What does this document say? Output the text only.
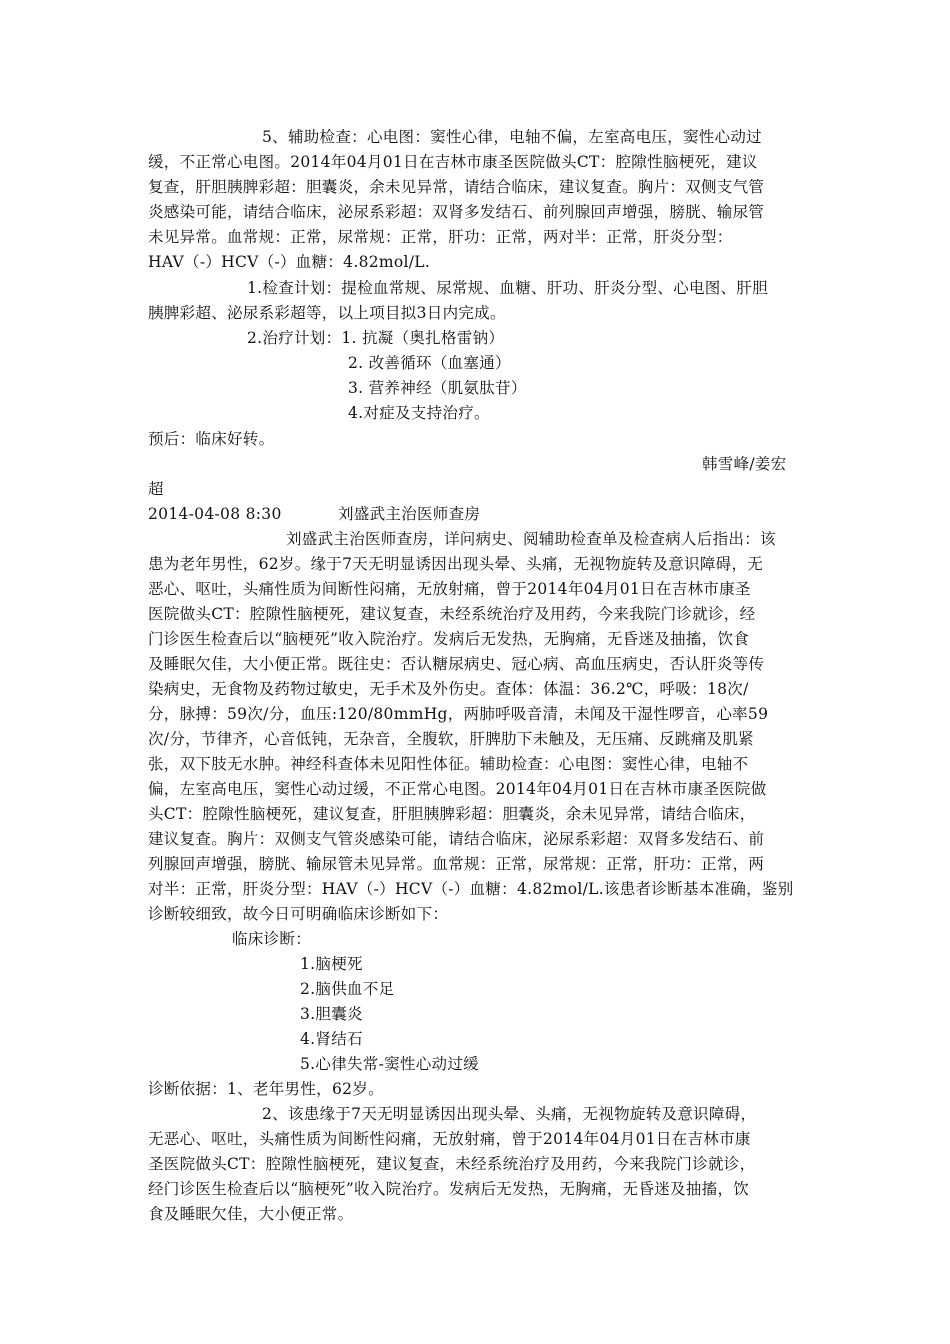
5、辅助检查：心电图：窦性心律，电轴不偏，左室高电压，窦性心动过
缓，不正常心电图。2014年04月01日在吉林市康圣医院做头CT：腔隙性脑梗死，建议
复查，肝胆胰脾彩超：胆囊炎，余未见异常，请结合临床，建议复查。胸片：双侧支气管
炎感染可能，请结合临床，泌尿系彩超：双肾多发结石、前列腺回声增强，膀胱、输尿管
未见异常。血常规：正常，尿常规：正常，肝功：正常，两对半：正常，肝炎分型：
HAV（-）HCV（-）血糖：4.82mol/L.
1.检查计划：提检血常规、尿常规、血糖、肝功、肝炎分型、心电图、肝胆
胰脾彩超、泌尿系彩超等，以上项目拟3日内完成。
2.治疗计划：1. 抗凝（奥扎格雷钠）
2. 改善循环（血塞通）
3. 营养神经（肌氨肽苷）
4.对症及支持治疗。
预后：临床好转。
韩雪峰/姜宏
超
2014-04-08 8:30	刘盛武主治医师查房
刘盛武主治医师查房，详问病史、阅辅助检查单及检查病人后指出：该
患为老年男性，62岁。缘于7天无明显诱因出现头晕、头痛，无视物旋转及意识障碍，无
恶心、呕吐，头痛性质为间断性闷痛，无放射痛，曾于2014年04月01日在吉林市康圣
医院做头CT：腔隙性脑梗死，建议复查，未经系统治疗及用药，今来我院门诊就诊，经
门诊医生检查后以“脑梗死”收入院治疗。发病后无发热，无胸痛，无昏迷及抽搐，饮食
及睡眠欠佳，大小便正常。既往史：否认糖尿病史、冠心病、高血压病史，否认肝炎等传
染病史，无食物及药物过敏史，无手术及外伤史。查体：体温：36.2℃，呼吸：18次/
分，脉搏：59次/分，血压:120/80mmHg，两肺呼吸音清，未闻及干湿性啰音，心率59
次/分，节律齐，心音低钝，无杂音，全腹软，肝脾肋下未触及，无压痛、反跳痛及肌紧
张，双下肢无水肿。神经科查体未见阳性体征。辅助检查：心电图：窦性心律，电轴不
偏，左室高电压，窦性心动过缓，不正常心电图。2014年04月01日在吉林市康圣医院做
头CT：腔隙性脑梗死，建议复查，肝胆胰脾彩超：胆囊炎，余未见异常，请结合临床，
建议复查。胸片：双侧支气管炎感染可能，请结合临床，泌尿系彩超：双肾多发结石、前
列腺回声增强，膀胱、输尿管未见异常。血常规：正常，尿常规：正常，肝功：正常，两
对半：正常，肝炎分型：HAV（-）HCV（-）血糖：4.82mol/L.该患者诊断基本准确，鉴别
诊断较细致，故今日可明确临床诊断如下：
临床诊断：
1.脑梗死
2.脑供血不足
3.胆囊炎
4.肾结石
5.心律失常-窦性心动过缓
诊断依据：1、老年男性，62岁。
2、该患缘于7天无明显诱因出现头晕、头痛，无视物旋转及意识障碍，
无恶心、呕吐，头痛性质为间断性闷痛，无放射痛，曾于2014年04月01日在吉林市康
圣医院做头CT：腔隙性脑梗死，建议复查，未经系统治疗及用药，今来我院门诊就诊，
经门诊医生检查后以“脑梗死”收入院治疗。发病后无发热，无胸痛，无昏迷及抽搐，饮
食及睡眠欠佳，大小便正常。
